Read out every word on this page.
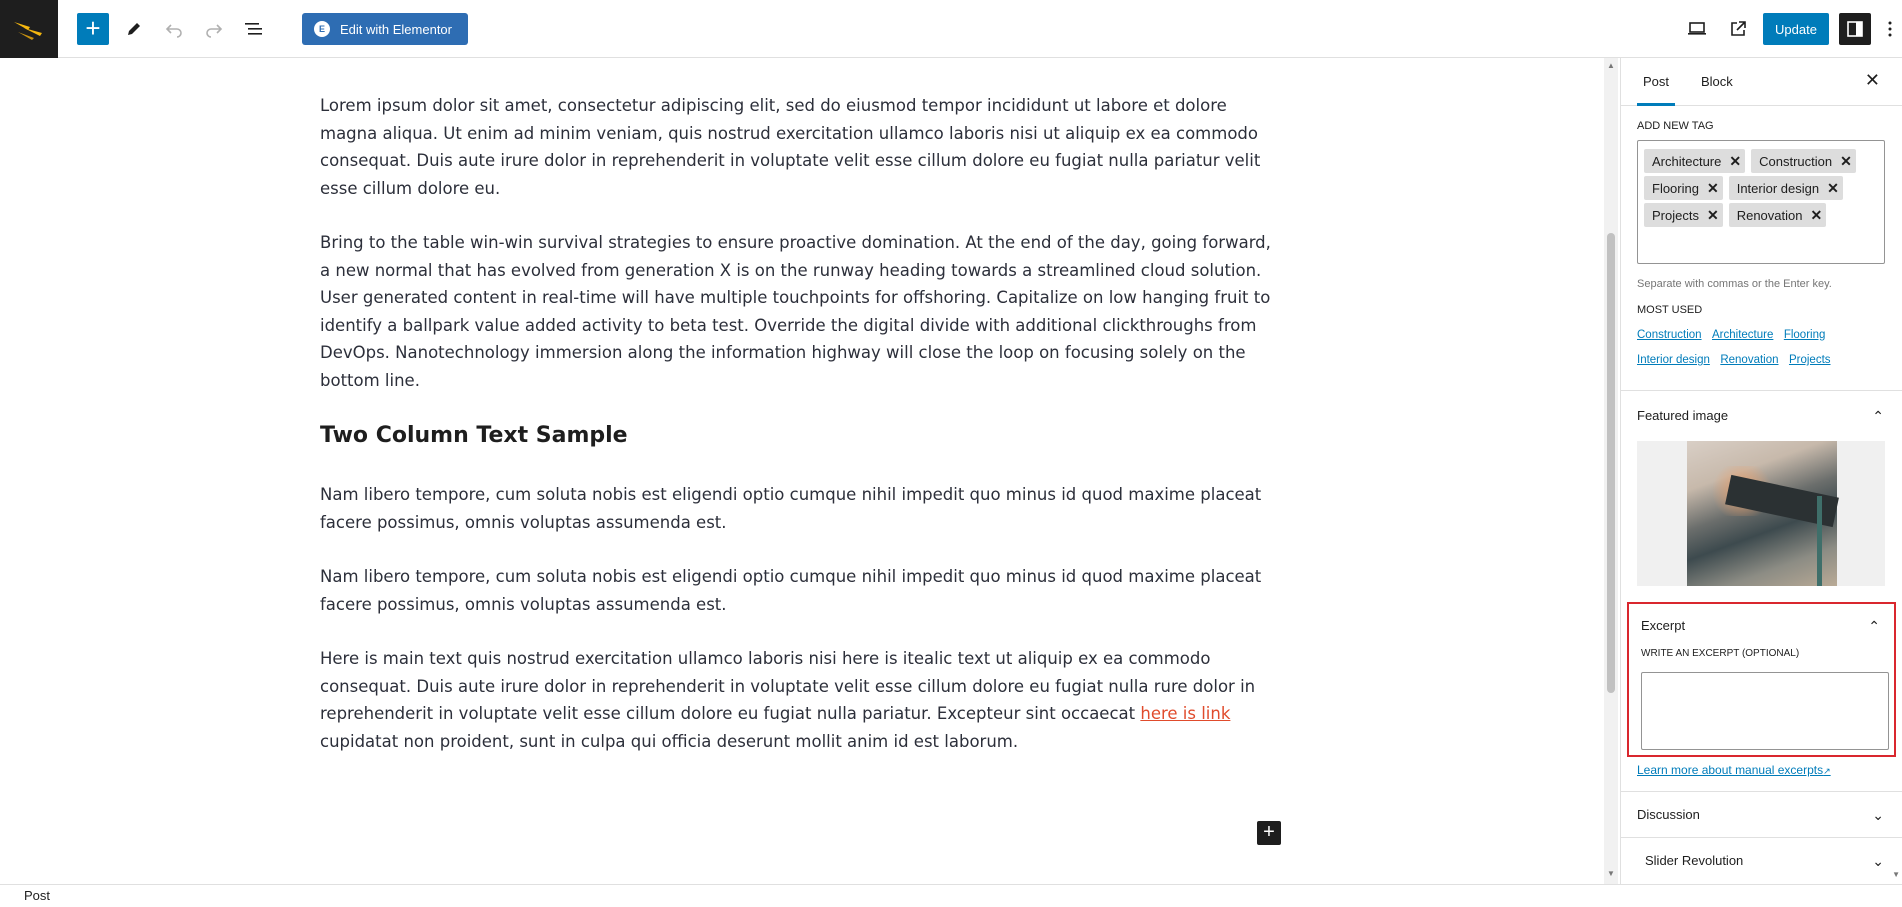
+	E	Edit with Elementor	Update

Lorem ipsum dolor sit amet, consectetur adipiscing elit, sed do eiusmod tempor incididunt ut labore et dolore magna aliqua. Ut enim ad minim veniam, quis nostrud exercitation ullamco laboris nisi ut aliquip ex ea commodo consequat. Duis aute irure dolor in reprehenderit in voluptate velit esse cillum dolore eu fugiat nulla pariatur velit esse cillum dolore eu.

Bring to the table win-win survival strategies to ensure proactive domination. At the end of the day, going forward, a new normal that has evolved from generation X is on the runway heading towards a streamlined cloud solution. User generated content in real-time will have multiple touchpoints for offshoring. Capitalize on low hanging fruit to identify a ballpark value added activity to beta test. Override the digital divide with additional clickthroughs from DevOps. Nanotechnology immersion along the information highway will close the loop on focusing solely on the bottom line.

Two Column Text Sample

Nam libero tempore, cum soluta nobis est eligendi optio cumque nihil impedit quo minus id quod maxime placeat facere possimus, omnis voluptas assumenda est.

Nam libero tempore, cum soluta nobis est eligendi optio cumque nihil impedit quo minus id quod maxime placeat facere possimus, omnis voluptas assumenda est.

Here is main text quis nostrud exercitation ullamco laboris nisi here is itealic text ut aliquip ex ea commodo consequat. Duis aute irure dolor in reprehenderit in voluptate velit esse cillum dolore eu fugiat nulla rure dolor in reprehenderit in voluptate velit esse cillum dolore eu fugiat nulla pariatur. Excepteur sint occaecat here is link cupidatat non proident, sunt in culpa qui officia deserunt mollit anim id est laborum.

+
▲
▼
Post	Block	✕
ADD NEW TAG
Architecture ✕ Construction ✕
Flooring ✕ Interior design ✕
Projects ✕ Renovation ✕
Separate with commas or the Enter key.
MOST USED
Construction Architecture Flooring
Interior design Renovation Projects
Featured image	⌃
Excerpt	⌃
WRITE AN EXCERPT (OPTIONAL)
Learn more about manual excerpts↗
Discussion	⌄
Slider Revolution	⌄
▼
Post
